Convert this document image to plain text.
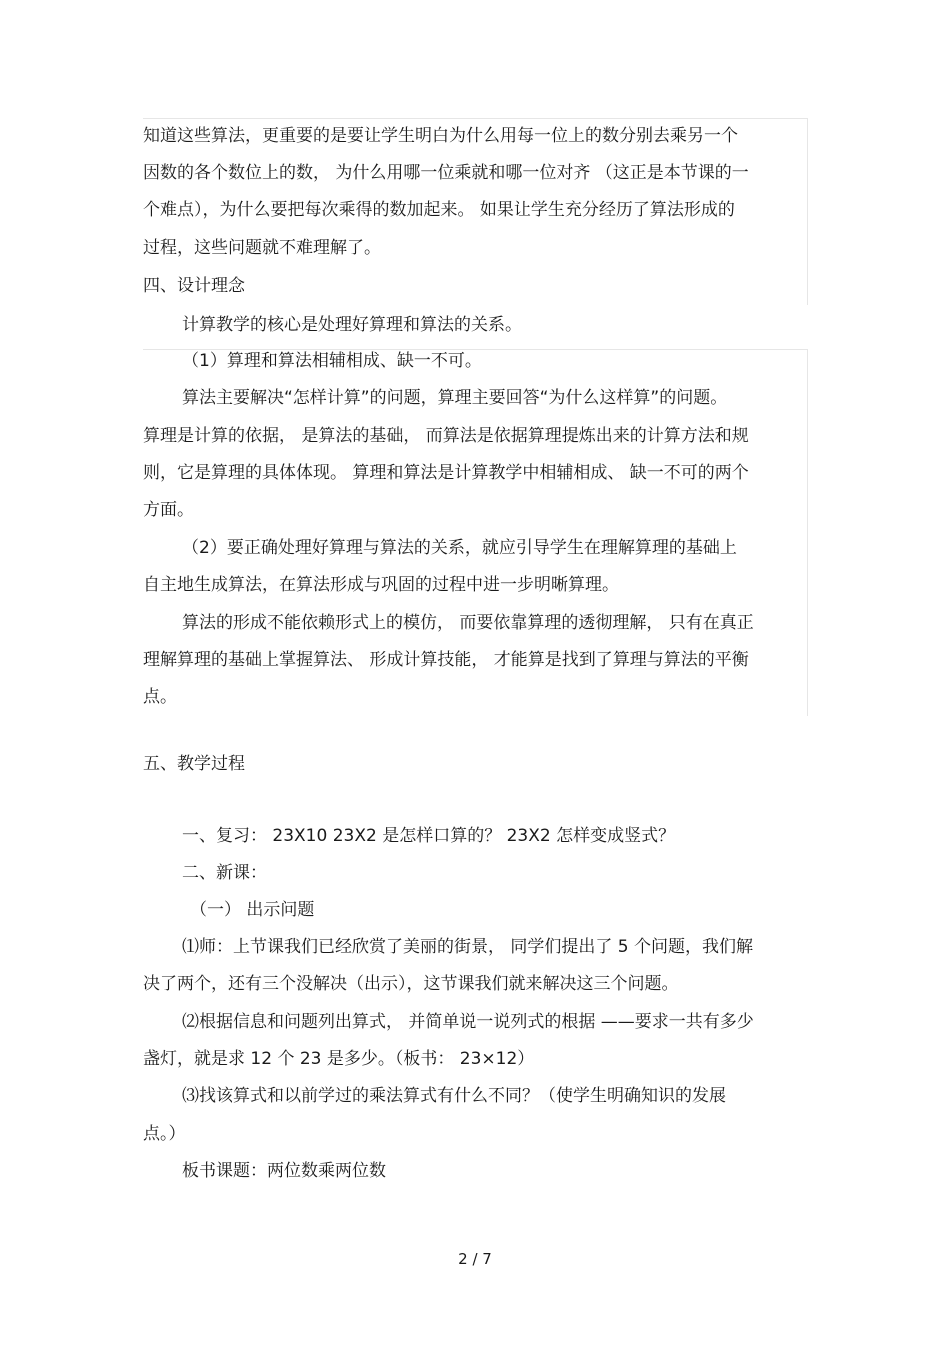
知道这些算法，更重要的是要让学生明白为什么用每一位上的数分别去乘另一个
因数的各个数位上的数， 为什么用哪一位乘就和哪一位对齐 （这正是本节课的一
个难点），为什么要把每次乘得的数加起来。 如果让学生充分经历了算法形成的
过程，这些问题就不难理解了。
四、设计理念
计算教学的核心是处理好算理和算法的关系。
（1）算理和算法相辅相成、缺一不可。
算法主要解决“怎样计算”的问题，算理主要回答“为什么这样算”的问题。
算理是计算的依据， 是算法的基础， 而算法是依据算理提炼出来的计算方法和规
则，它是算理的具体体现。 算理和算法是计算教学中相辅相成、 缺一不可的两个
方面。
（2）要正确处理好算理与算法的关系，就应引导学生在理解算理的基础上
自主地生成算法，在算法形成与巩固的过程中进一步明晰算理。
算法的形成不能依赖形式上的模仿， 而要依靠算理的透彻理解， 只有在真正
理解算理的基础上掌握算法、 形成计算技能， 才能算是找到了算理与算法的平衡
点。
五、教学过程
一、复习： 23X10 23X2 是怎样口算的？ 23X2 怎样变成竖式？
二、新课：
（一） 出示问题
⑴师：上节课我们已经欣赏了美丽的街景， 同学们提出了 5 个问题，我们解
决了两个，还有三个没解决（出示），这节课我们就来解决这三个问题。
⑵根据信息和问题列出算式， 并简单说一说列式的根据 ——要求一共有多少
盏灯，就是求 12 个 23 是多少。（板书： 23×12）
⑶找该算式和以前学过的乘法算式有什么不同？（使学生明确知识的发展
点。）
板书课题：两位数乘两位数
2 / 7
